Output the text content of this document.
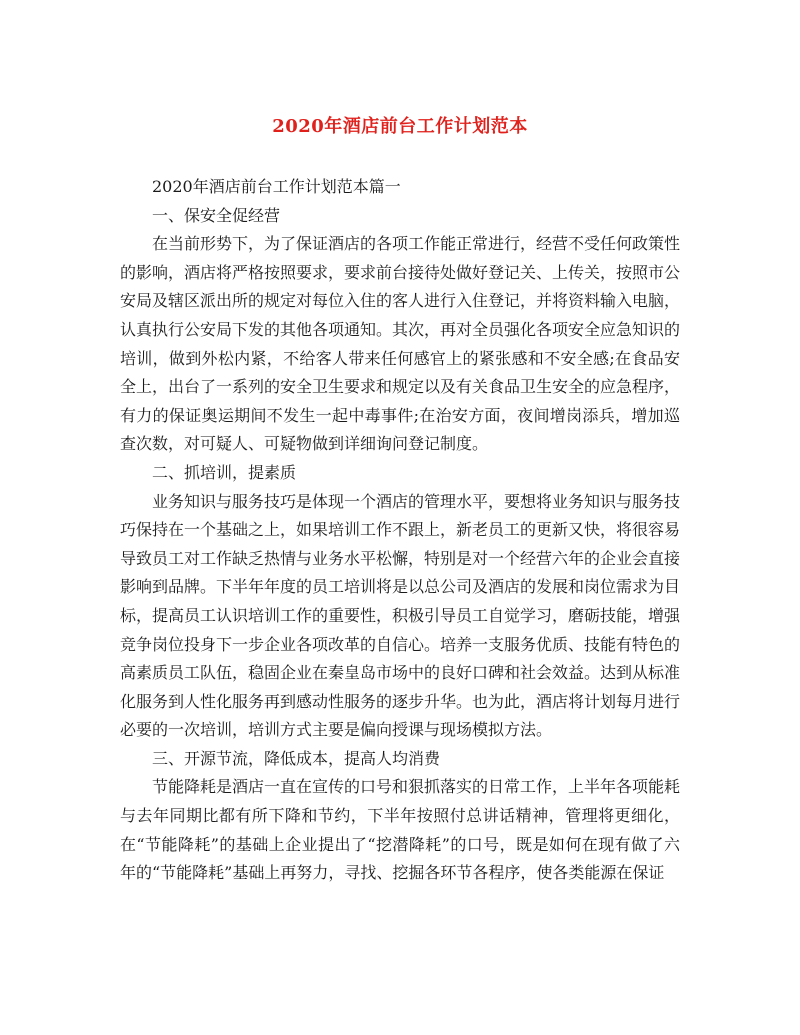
2020年酒店前台工作计划范本

2020年酒店前台工作计划范本篇一

一、保安全促经营

在当前形势下，为了保证酒店的各项工作能正常进行，经营不受任何政策性的影响，酒店将严格按照要求，要求前台接待处做好登记关、上传关，按照市公安局及辖区派出所的规定对每位入住的客人进行入住登记，并将资料输入电脑，认真执行公安局下发的其他各项通知。其次，再对全员强化各项安全应急知识的培训，做到外松内紧，不给客人带来任何感官上的紧张感和不安全感;在食品安全上，出台了一系列的安全卫生要求和规定以及有关食品卫生安全的应急程序，有力的保证奥运期间不发生一起中毒事件;在治安方面，夜间增岗添兵，增加巡查次数，对可疑人、可疑物做到详细询问登记制度。

二、抓培训，提素质

业务知识与服务技巧是体现一个酒店的管理水平，要想将业务知识与服务技巧保持在一个基础之上，如果培训工作不跟上，新老员工的更新又快，将很容易导致员工对工作缺乏热情与业务水平松懈，特别是对一个经营六年的企业会直接影响到品牌。下半年年度的员工培训将是以总公司及酒店的发展和岗位需求为目标，提高员工认识培训工作的重要性，积极引导员工自觉学习，磨砺技能，增强竞争岗位投身下一步企业各项改革的自信心。培养一支服务优质、技能有特色的高素质员工队伍，稳固企业在秦皇岛市场中的良好口碑和社会效益。达到从标准化服务到人性化服务再到感动性服务的逐步升华。也为此，酒店将计划每月进行必要的一次培训，培训方式主要是偏向授课与现场模拟方法。

三、开源节流，降低成本，提高人均消费

节能降耗是酒店一直在宣传的口号和狠抓落实的日常工作，上半年各项能耗与去年同期比都有所下降和节约，下半年按照付总讲话精神，管理将更细化，在“节能降耗”的基础上企业提出了“挖潜降耗”的口号，既是如何在现有做了六年的“节能降耗”基础上再努力，寻找、挖掘各环节各程序，使各类能源在保证
